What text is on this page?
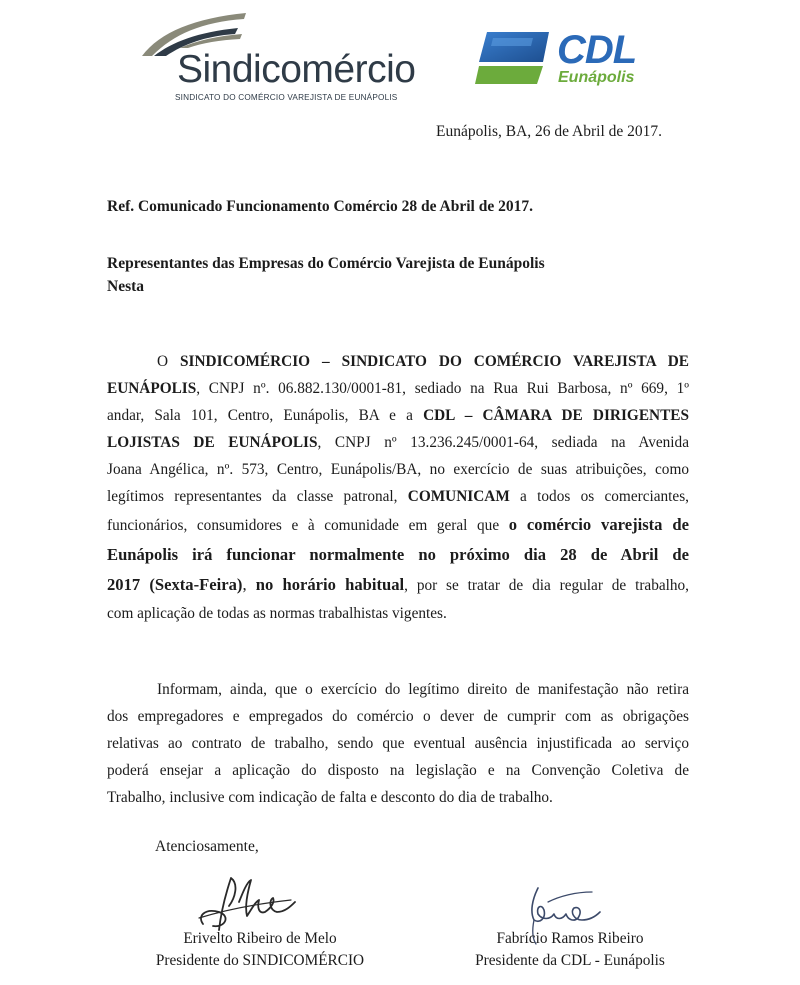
Sindicomércio
SINDICATO DO COMÉRCIO VAREJISTA DE EUNÁPOLIS
CDL
Eunápolis
Eunápolis, BA, 26 de Abril de 2017.
Ref. Comunicado Funcionamento Comércio 28 de Abril de 2017.
Representantes das Empresas do Comércio Varejista de Eunápolis
Nesta
O SINDICOMÉRCIO – SINDICATO DO COMÉRCIO VAREJISTA DE
EUNÁPOLIS, CNPJ nº. 06.882.130/0001-81, sediado na Rua Rui Barbosa, nº 669, 1º
andar, Sala 101, Centro, Eunápolis, BA e a CDL – CÂMARA DE DIRIGENTES
LOJISTAS DE EUNÁPOLIS, CNPJ nº 13.236.245/0001-64, sediada na Avenida
Joana Angélica, nº. 573, Centro, Eunápolis/BA, no exercício de suas atribuições, como
legítimos representantes da classe patronal, COMUNICAM a todos os comerciantes,
funcionários, consumidores e à comunidade em geral que o comércio varejista de
Eunápolis irá funcionar normalmente no próximo dia 28 de Abril de
2017 (Sexta-Feira), no horário habitual, por se tratar de dia regular de trabalho,
com aplicação de todas as normas trabalhistas vigentes.
Informam, ainda, que o exercício do legítimo direito de manifestação não retira
dos empregadores e empregados do comércio o dever de cumprir com as obrigações
relativas ao contrato de trabalho, sendo que eventual ausência injustificada ao serviço
poderá ensejar a aplicação do disposto na legislação e na Convenção Coletiva de
Trabalho, inclusive com indicação de falta e desconto do dia de trabalho.
Atenciosamente,
Erivelto Ribeiro de Melo
Presidente do SINDICOMÉRCIO
Fabrício Ramos Ribeiro
Presidente da CDL - Eunápolis
